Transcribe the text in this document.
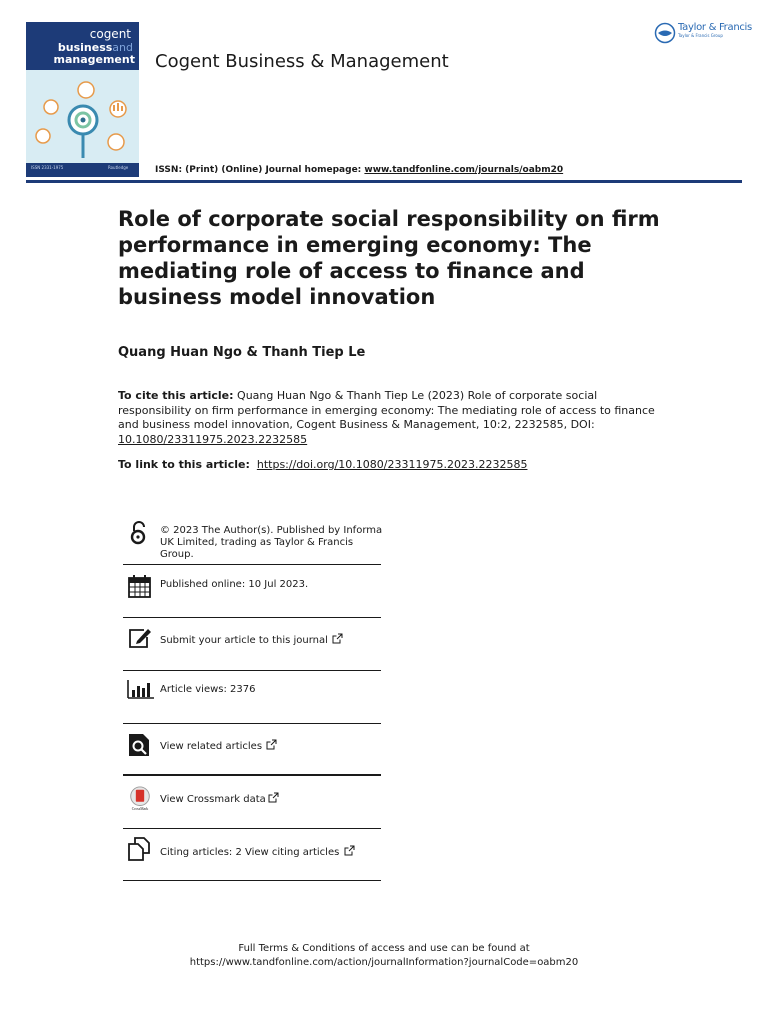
cogent
businessand
management
ISSN 2331-1975	Routledge
Cogent Business & Management
Taylor & Francis
Taylor & Francis Group
ISSN: (Print) (Online) Journal homepage: www.tandfonline.com/journals/oabm20
Role of corporate social responsibility on firm performance in emerging economy: The mediating role of access to finance and business model innovation
Quang Huan Ngo & Thanh Tiep Le
To cite this article: Quang Huan Ngo & Thanh Tiep Le (2023) Role of corporate social responsibility on firm performance in emerging economy: The mediating role of access to finance and business model innovation, Cogent Business & Management, 10:2, 2232585, DOI: 10.1080/23311975.2023.2232585
To link to this article: https://doi.org/10.1080/23311975.2023.2232585
© 2023 The Author(s). Published by Informa UK Limited, trading as Taylor & Francis Group.
Published online: 10 Jul 2023.
Submit your article to this journal
Article views: 2376
View related articles
CrossMark
View Crossmark data
Citing articles: 2 View citing articles
Full Terms & Conditions of access and use can be found at
https://www.tandfonline.com/action/journalInformation?journalCode=oabm20
